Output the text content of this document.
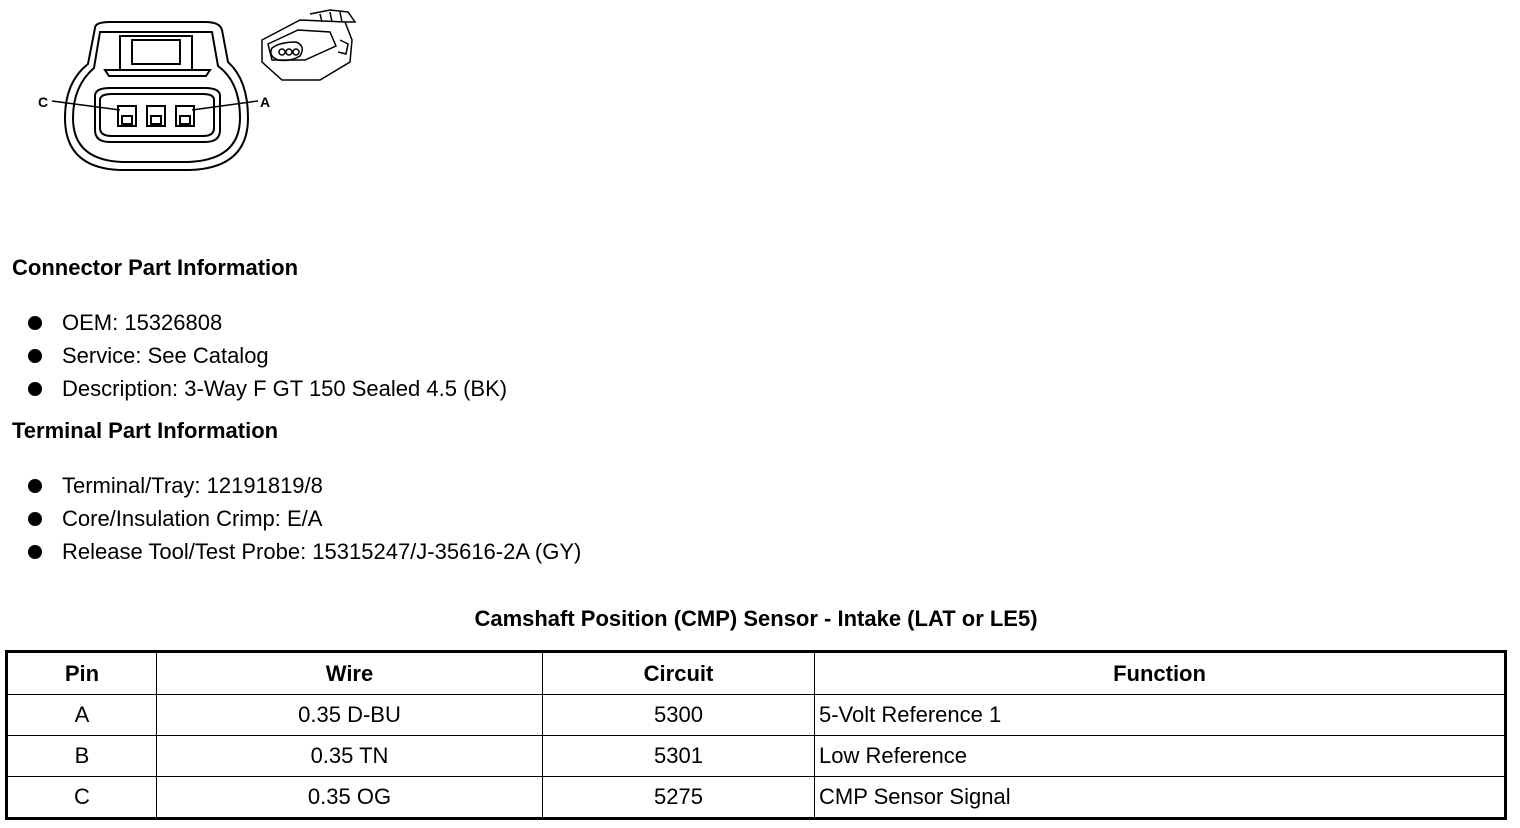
C	A
Connector Part Information
OEM: 15326808
Service: See Catalog
Description: 3-Way F GT 150 Sealed 4.5 (BK)
Terminal Part Information
Terminal/Tray: 12191819/8
Core/Insulation Crimp: E/A
Release Tool/Test Probe: 15315247/J-35616-2A (GY)
Camshaft Position (CMP) Sensor - Intake (LAT or LE5)
Pin	Wire	Circuit	Function
A	0.35 D-BU	5300	5-Volt Reference 1
B	0.35 TN	5301	Low Reference
C	0.35 OG	5275	CMP Sensor Signal
